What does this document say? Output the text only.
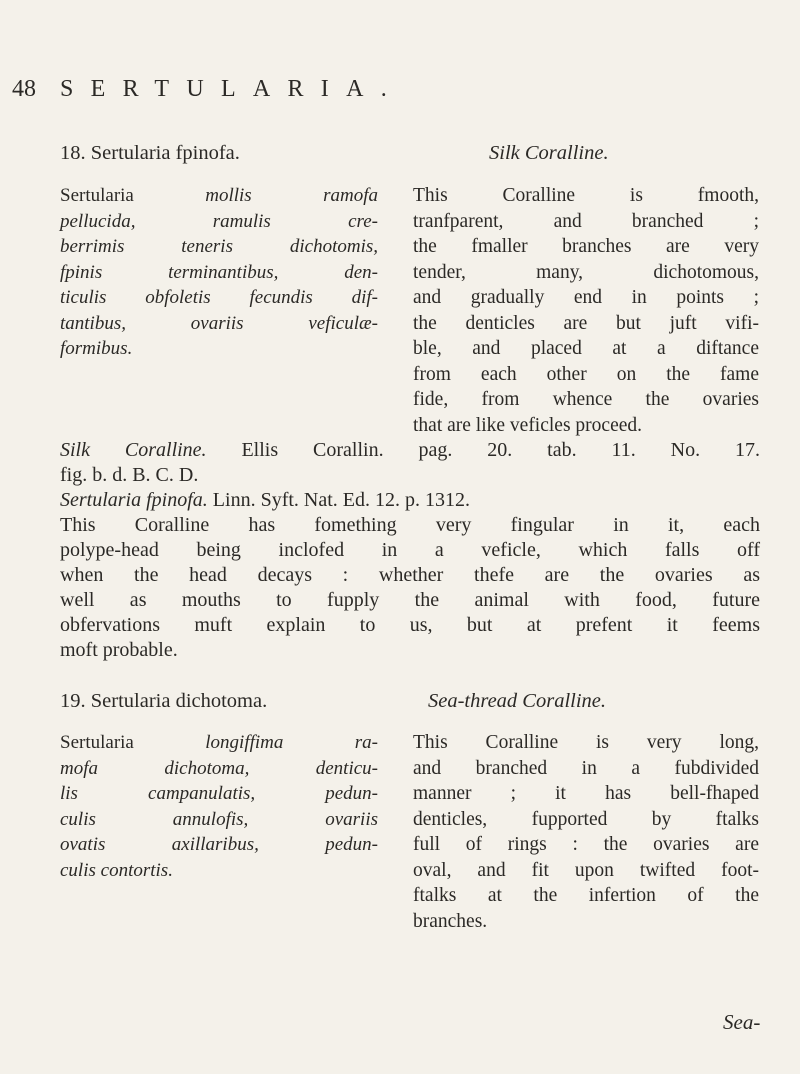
48 SERTULARIA.
18. Sertularia fpinofa.	Silk Coralline.
Sertularia mollis ramofa
pellucida, ramulis cre-
berrimis teneris dichotomis,
fpinis terminantibus, den-
ticulis obfoletis fecundis dif-
tantibus, ovariis veficulæ-
formibus.
This Coralline is fmooth,
tranfparent, and branched ;
the fmaller branches are very
tender, many, dichotomous,
and gradually end in points ;
the denticles are but juft vifi-
ble, and placed at a diftance
from each other on the fame
fide, from whence the ovaries
that are like veficles proceed.
Silk Coralline. Ellis Corallin. pag. 20. tab. 11. No. 17.
fig. b. d. B. C. D.
Sertularia fpinofa. Linn. Syft. Nat. Ed. 12. p. 1312.
This Coralline has fomething very fingular in it, each
polype-head being inclofed in a veficle, which falls off
when the head decays : whether thefe are the ovaries as
well as mouths to fupply the animal with food, future
obfervations muft explain to us, but at prefent it feems
moft probable.
19. Sertularia dichotoma.	Sea-thread Coralline.
Sertularia longiffima ra-
mofa dichotoma, denticu-
lis campanulatis, pedun-
culis annulofis, ovariis
ovatis axillaribus, pedun-
culis contortis.
This Coralline is very long,
and branched in a fubdivided
manner ; it has bell-fhaped
denticles, fupported by ftalks
full of rings : the ovaries are
oval, and fit upon twifted foot-
ftalks at the infertion of the
branches.
Sea-
